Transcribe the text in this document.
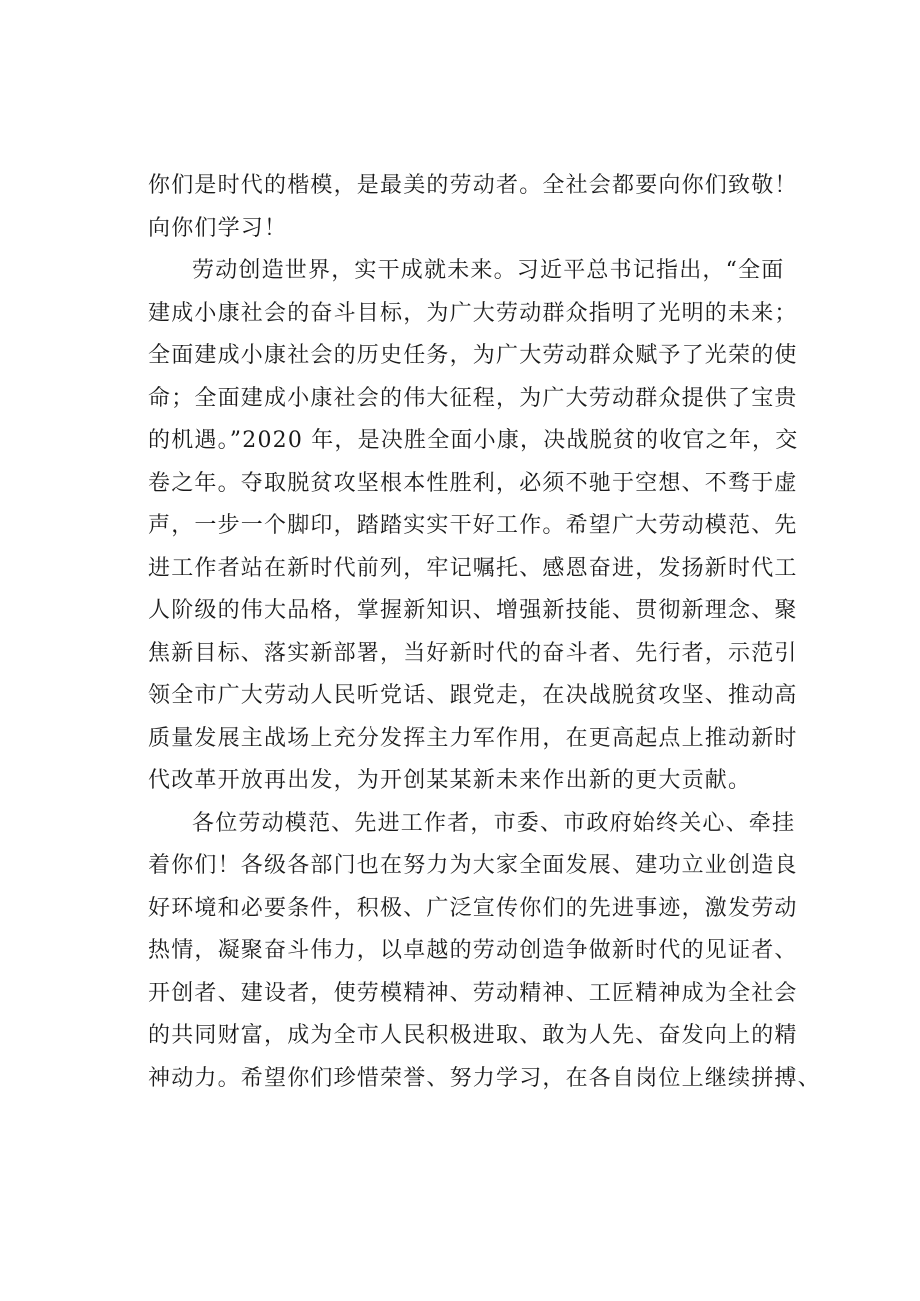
你们是时代的楷模，是最美的劳动者。全社会都要向你们致敬！
向你们学习！
劳动创造世界，实干成就未来。习近平总书记指出，“全面
建成小康社会的奋斗目标，为广大劳动群众指明了光明的未来；
全面建成小康社会的历史任务，为广大劳动群众赋予了光荣的使
命；全面建成小康社会的伟大征程，为广大劳动群众提供了宝贵
的机遇。”2020 年，是决胜全面小康，决战脱贫的收官之年，交
卷之年。夺取脱贫攻坚根本性胜利，必须不驰于空想、不骛于虚
声，一步一个脚印，踏踏实实干好工作。希望广大劳动模范、先
进工作者站在新时代前列，牢记嘱托、感恩奋进，发扬新时代工
人阶级的伟大品格，掌握新知识、增强新技能、贯彻新理念、聚
焦新目标、落实新部署，当好新时代的奋斗者、先行者，示范引
领全市广大劳动人民听党话、跟党走，在决战脱贫攻坚、推动高
质量发展主战场上充分发挥主力军作用，在更高起点上推动新时
代改革开放再出发，为开创某某新未来作出新的更大贡献。
各位劳动模范、先进工作者，市委、市政府始终关心、牵挂
着你们！各级各部门也在努力为大家全面发展、建功立业创造良
好环境和必要条件，积极、广泛宣传你们的先进事迹，激发劳动
热情，凝聚奋斗伟力，以卓越的劳动创造争做新时代的见证者、
开创者、建设者，使劳模精神、劳动精神、工匠精神成为全社会
的共同财富，成为全市人民积极进取、敢为人先、奋发向上的精
神动力。希望你们珍惜荣誉、努力学习，在各自岗位上继续拼搏、
